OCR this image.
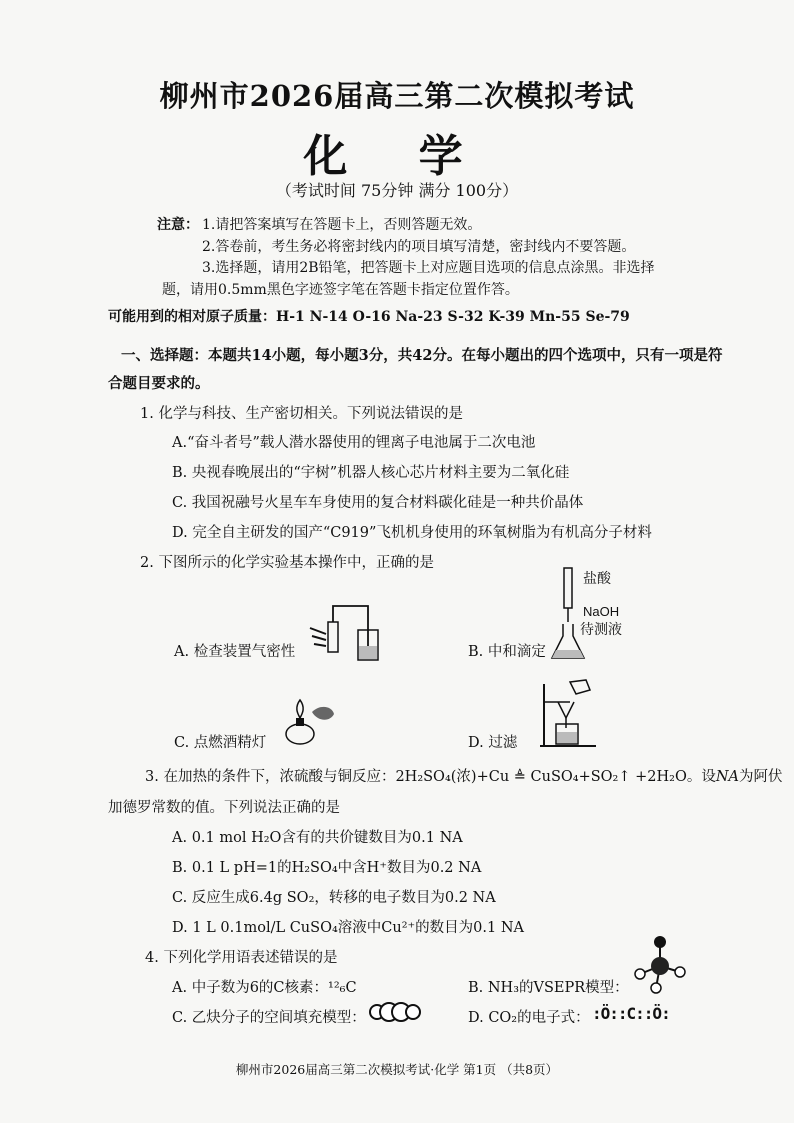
柳州市2026届高三第二次模拟考试
化 学
（考试时间 75分钟 满分 100分）
注意： 1.请把答案填写在答题卡上，否则答题无效。
2.答卷前，考生务必将密封线内的项目填写清楚，密封线内不要答题。
3.选择题，请用2B铅笔，把答题卡上对应题目选项的信息点涂黑。非选择
题，请用0.5mm黑色字迹签字笔在答题卡指定位置作答。
可能用到的相对原子质量：H-1 N-14 O-16 Na-23 S-32 K-39 Mn-55 Se-79
一、选择题：本题共14小题，每小题3分，共42分。在每小题出的四个选项中，只有一项是符
合题目要求的。
1. 化学与科技、生产密切相关。下列说法错误的是
A.“奋斗者号”载人潜水器使用的锂离子电池属于二次电池
B. 央视春晚展出的“宇树”机器人核心芯片材料主要为二氧化硅
C. 我国祝融号火星车车身使用的复合材料碳化硅是一种共价晶体
D. 完全自主研发的国产“C919”飞机机身使用的环氧树脂为有机高分子材料
2. 下图所示的化学实验基本操作中，正确的是
A. 检查装置气密性
盐酸
NaOH
待测液
B. 中和滴定
C. 点燃酒精灯	D. 过滤
3. 在加热的条件下，浓硫酸与铜反应：2H₂SO₄(浓)+Cu ≜ CuSO₄+SO₂↑ +2H₂O。设NA为阿伏
加德罗常数的值。下列说法正确的是
A. 0.1 mol H₂O含有的共价键数目为0.1 NA
B. 0.1 L pH=1的H₂SO₄中含H⁺数目为0.2 NA
C. 反应生成6.4g SO₂，转移的电子数目为0.2 NA
D. 1 L 0.1mol/L CuSO₄溶液中Cu²⁺的数目为0.1 NA
4. 下列化学用语表述错误的是
A. 中子数为6的C核素：¹²₆C	B. NH₃的VSEPR模型：
C. 乙炔分子的空间填充模型：	D. CO₂的电子式： :Ö::C::Ö:
柳州市2026届高三第二次模拟考试·化学 第1页 （共8页）
